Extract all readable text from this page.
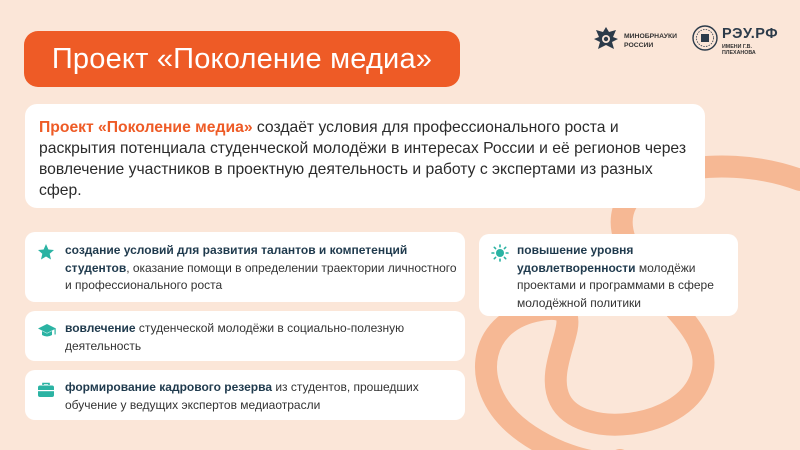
Проект «Поколение медиа»
МИНОБРНАУКИ
РОССИИ
РЭУ.РФ
ИМЕНИ Г.В. ПЛЕХАНОВА
Проект «Поколение медиа» создаёт условия для профессионального роста и раскрытия потенциала студенческой молодёжи в интересах России и её регионов через вовлечение участников в проектную деятельность и работу с экспертами из разных сфер.
создание условий для развития талантов и компетенций студентов, оказание помощи в определении траектории личностного и профессионального роста
вовлечение студенческой молодёжи в социально-полезную деятельность
формирование кадрового резерва из студентов, прошедших обучение у ведущих экспертов медиаотрасли
повышение уровня удовлетворенности молодёжи проектами и программами в сфере молодёжной политики
